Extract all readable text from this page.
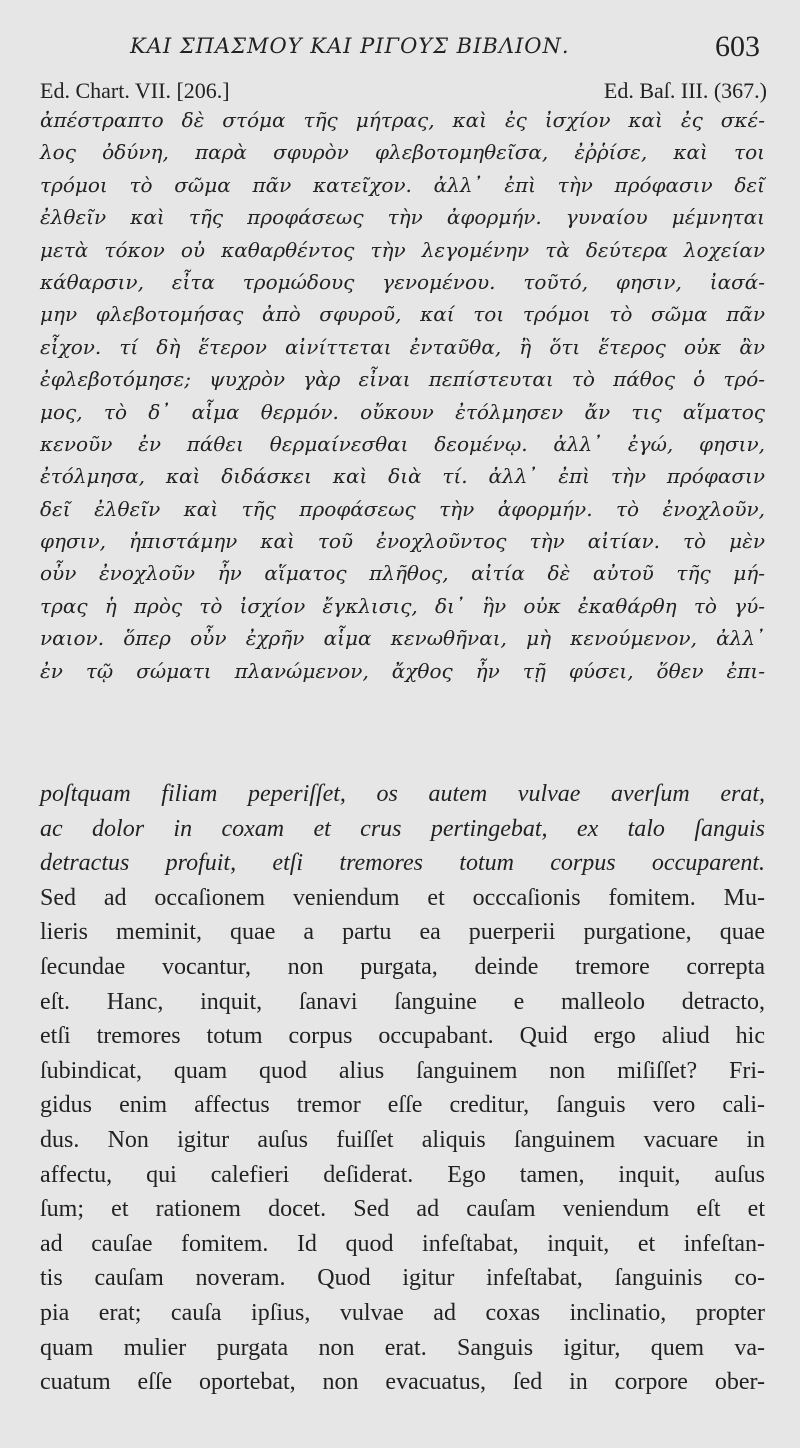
ΚΑΙ ΣΠΑΣΜΟΥ ΚΑΙ ΡΙΓΟΥΣ ΒΙΒΛΙΟΝ.	603
Ed. Chart. VII. [206.]	Ed. Baſ. III. (367.)
ἀπέστραπτο δὲ στόμα τῆς μήτρας, καὶ ἐς ἰσχίον καὶ ἐς σκέ-
λος ὀδύνη, παρὰ σφυρὸν φλεβοτομηθεῖσα, ἐῤῥίσε, καὶ τοι
τρόμοι τὸ σῶμα πᾶν κατεῖχον. ἀλλ᾽ ἐπὶ τὴν πρόφασιν δεῖ
ἐλθεῖν καὶ τῆς προφάσεως τὴν ἀφορμήν. γυναίου μέμνηται
μετὰ τόκον οὐ καθαρθέντος τὴν λεγομένην τὰ δεύτερα λοχείαν
κάθαρσιν, εἶτα τρομώδους γενομένου. τοῦτό, φησιν, ἰασά-
μην φλεβοτομήσας ἀπὸ σφυροῦ, καί τοι τρόμοι τὸ σῶμα πᾶν
εἶχον. τί δὴ ἕτερον αἰνίττεται ἐνταῦθα, ἢ ὅτι ἕτερος οὐκ ἂν
ἐφλεβοτόμησε; ψυχρὸν γὰρ εἶναι πεπίστευται τὸ πάθος ὁ τρό-
μος, τὸ δ᾽ αἷμα θερμόν. οὔκουν ἐτόλμησεν ἄν τις αἵματος
κενοῦν ἐν πάθει θερμαίνεσθαι δεομένῳ. ἀλλ᾽ ἐγώ, φησιν,
ἐτόλμησα, καὶ διδάσκει καὶ διὰ τί. ἀλλ᾽ ἐπὶ τὴν πρόφασιν
δεῖ ἐλθεῖν καὶ τῆς προφάσεως τὴν ἀφορμήν. τὸ ἐνοχλοῦν,
φησιν, ἠπιστάμην καὶ τοῦ ἐνοχλοῦντος τὴν αἰτίαν. τὸ μὲν
οὖν ἐνοχλοῦν ἦν αἵματος πλῆθος, αἰτία δὲ αὐτοῦ τῆς μή-
τρας ἡ πρὸς τὸ ἰσχίον ἔγκλισις, δι᾽ ἣν οὐκ ἐκαθάρθη τὸ γύ-
ναιον. ὅπερ οὖν ἐχρῆν αἷμα κενωθῆναι, μὴ κενούμενον, ἀλλ᾽
ἐν τῷ σώματι πλανώμενον, ἄχθος ἦν τῇ φύσει, ὅθεν ἐπι-
poſtquam filiam peperiſſet, os autem vulvae averſum erat,
ac dolor in coxam et crus pertingebat, ex talo ſanguis
detractus profuit, etſi tremores totum corpus occuparent.
Sed ad occaſionem veniendum et occcaſionis fomitem. Mu-
lieris meminit, quae a partu ea puerperii purgatione, quae
ſecundae vocantur, non purgata, deinde tremore correpta
eſt. Hanc, inquit, ſanavi ſanguine e malleolo detracto,
etſi tremores totum corpus occupabant. Quid ergo aliud hic
ſubindicat, quam quod alius ſanguinem non miſiſſet? Fri-
gidus enim affectus tremor eſſe creditur, ſanguis vero cali-
dus. Non igitur auſus fuiſſet aliquis ſanguinem vacuare in
affectu, qui calefieri deſiderat. Ego tamen, inquit, auſus
ſum; et rationem docet. Sed ad cauſam veniendum eſt et
ad cauſae fomitem. Id quod infeſtabat, inquit, et infeſtan-
tis cauſam noveram. Quod igitur infeſtabat, ſanguinis co-
pia erat; cauſa ipſius, vulvae ad coxas inclinatio, propter
quam mulier purgata non erat. Sanguis igitur, quem va-
cuatum eſſe oportebat, non evacuatus, ſed in corpore ober-
